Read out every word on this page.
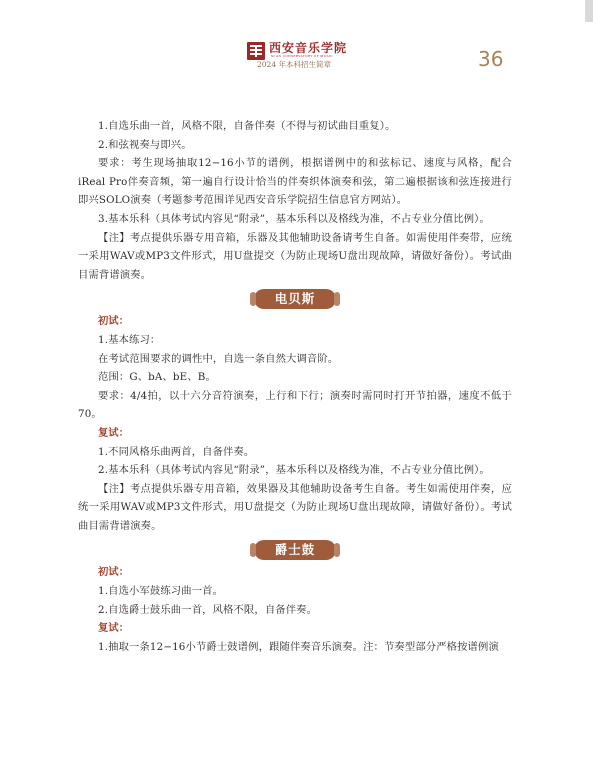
西安音乐学院
XI'AN CONSERVATORY OF MUSIC
2024 年本科招生简章	36

1.自选乐曲一首，风格不限，自备伴奏（不得与初试曲目重复）。

2.和弦视奏与即兴。

要求：考生现场抽取12−16小节的谱例，根据谱例中的和弦标记、速度与风格，配合iReal Pro伴奏音频，第一遍自行设计恰当的伴奏织体演奏和弦，第二遍根据该和弦连接进行即兴SOLO演奏（考题参考范围详见西安音乐学院招生信息官方网站）。

3.基本乐科（具体考试内容见“附录”，基本乐科以及格线为准，不占专业分值比例）。

【注】考点提供乐器专用音箱，乐器及其他辅助设备请考生自备。如需使用伴奏带，应统一采用WAV或MP3文件形式，用U盘提交（为防止现场U盘出现故障，请做好备份）。考试曲目需背谱演奏。

电贝斯
初试：

1.基本练习：

在考试范围要求的调性中，自选一条自然大调音阶。

范围：G、bA、bE、B。

要求：4/4拍，以十六分音符演奏，上行和下行；演奏时需同时打开节拍器，速度不低于70。

复试：

1.不同风格乐曲两首，自备伴奏。

2.基本乐科（具体考试内容见“附录”，基本乐科以及格线为准，不占专业分值比例）。

【注】考点提供乐器专用音箱，效果器及其他辅助设备考生自备。考生如需使用伴奏，应统一采用WAV或MP3文件形式，用U盘提交（为防止现场U盘出现故障，请做好备份）。考试曲目需背谱演奏。

爵士鼓
初试：

1.自选小军鼓练习曲一首。

2.自选爵士鼓乐曲一首，风格不限，自备伴奏。

复试：

1.抽取一条12−16小节爵士鼓谱例，跟随伴奏音乐演奏。注：节奏型部分严格按谱例演
